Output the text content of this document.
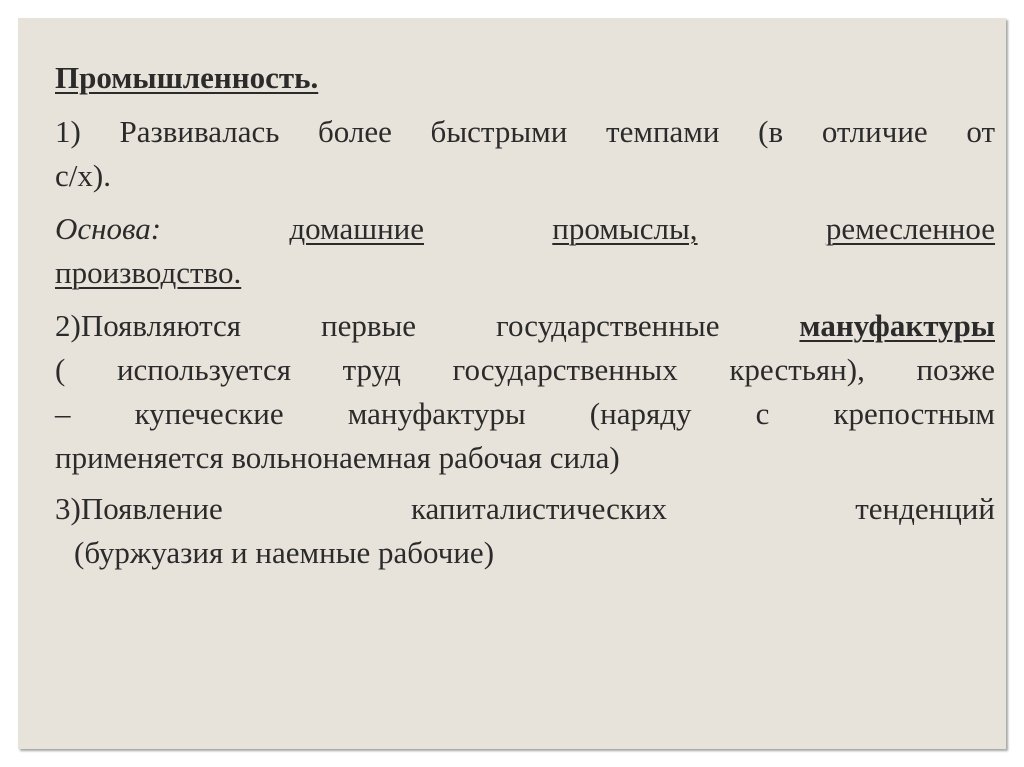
Промышленность.
1) Развивалась более быстрыми темпами (в отличие от
с/х).
Основа:	домашние	промыслы,	ремесленное
производство.
2)Появляются первые государственные мануфактуры
( используется труд государственных крестьян), позже
– купеческие мануфактуры (наряду с крепостным
применяется вольнонаемная рабочая сила)
3)Появление	капиталистических	тенденций
(буржуазия и наемные рабочие)
